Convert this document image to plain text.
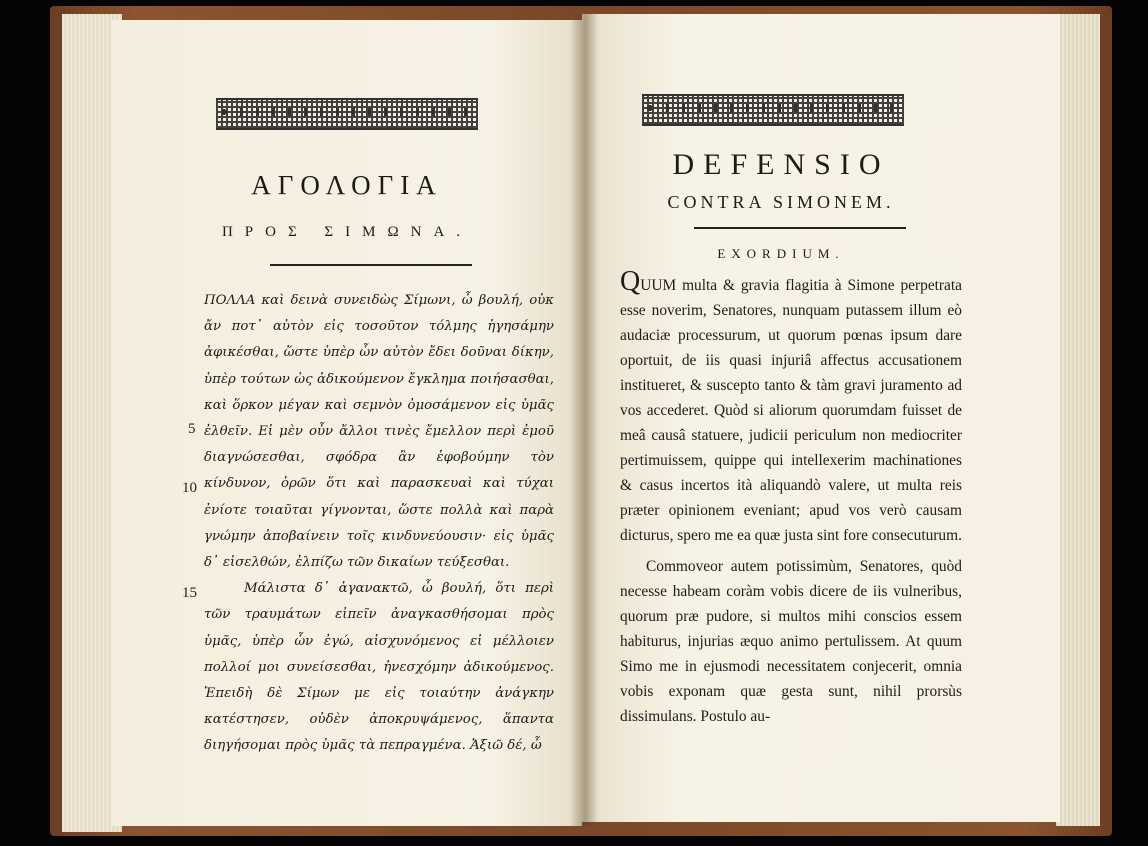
ΑΓΟΛΟΓΙΑ
ΠΡΟΣ ΣΙΜΩΝΑ.

ΠΟΛΛΑ καὶ δεινὰ συνειδὼς Σίμωνι, ὦ βουλή, οὐκ ἄν ποτ᾽ αὐτὸν εἰς τοσοῦτον τόλμης ἡγησάμην ἀφικέσθαι, ὥστε ὑπὲρ ὧν αὐτὸν ἔδει δοῦναι δίκην, ὑπὲρ τούτων ὡς ἀδικούμενον ἔγκλημα ποιήσασθαι, καὶ ὅρκον μέγαν καὶ σεμνὸν ὀμοσάμενον εἰς ὑμᾶς ἐλθεῖν. Εἰ μὲν οὖν ἄλλοι τινὲς ἔμελλον περὶ ἐμοῦ διαγνώσεσθαι, σφόδρα ἂν ἐφοβούμην τὸν κίνδυνον, ὁρῶν ὅτι καὶ παρασκευαὶ καὶ τύχαι ἐνίοτε τοιαῦται γίγνονται, ὥστε πολλὰ καὶ παρὰ γνώμην ἀποβαίνειν τοῖς κινδυνεύουσιν· εἰς ὑμᾶς δ᾽ εἰσελθών, ἐλπίζω τῶν δικαίων τεύξεσθαι.

Μάλιστα δ᾽ ἀγανακτῶ, ὦ βουλή, ὅτι περὶ τῶν τραυμάτων εἰπεῖν ἀναγκασθήσομαι πρὸς ὑμᾶς, ὑπὲρ ὧν ἐγώ, αἰσχυνόμενος εἰ μέλλοιεν πολλοί μοι συνείσεσθαι, ἠνεσχόμην ἀδικούμενος. Ἐπειδὴ δὲ Σίμων με εἰς τοιαύτην ἀνάγκην κατέστησεν, οὐδὲν ἀποκρυψάμενος, ἅπαντα διηγήσομαι πρὸς ὑμᾶς τὰ πεπραγμένα. Ἀξιῶ δέ, ὦ

5
10
15
DEFENSIO
CONTRA SIMONEM.
EXORDIUM.

QUUM multa & gravia flagitia à Simone perpetrata esse noverim, Senatores, nunquam putassem illum eò audaciæ processurum, ut quorum pœnas ipsum dare oportuit, de iis quasi injuriâ affectus accusationem institueret, & suscepto tanto & tàm gravi juramento ad vos accederet. Quòd si aliorum quorumdam fuisset de meâ causâ statuere, judicii periculum non mediocriter pertimuissem, quippe qui intellexerim machinationes & casus incertos ità aliquandò valere, ut multa reis præter opinionem eveniant; apud vos verò causam dicturus, spero me ea quæ justa sint fore consecuturum.

Commoveor autem potissimùm, Senatores, quòd necesse habeam coràm vobis dicere de iis vulneribus, quorum præ pudore, si multos mihi conscios essem habiturus, injurias æquo animo pertulissem. At quum Simo me in ejusmodi necessitatem conjecerit, omnia vobis exponam quæ gesta sunt, nihil prorsùs dissimulans. Postulo au-
